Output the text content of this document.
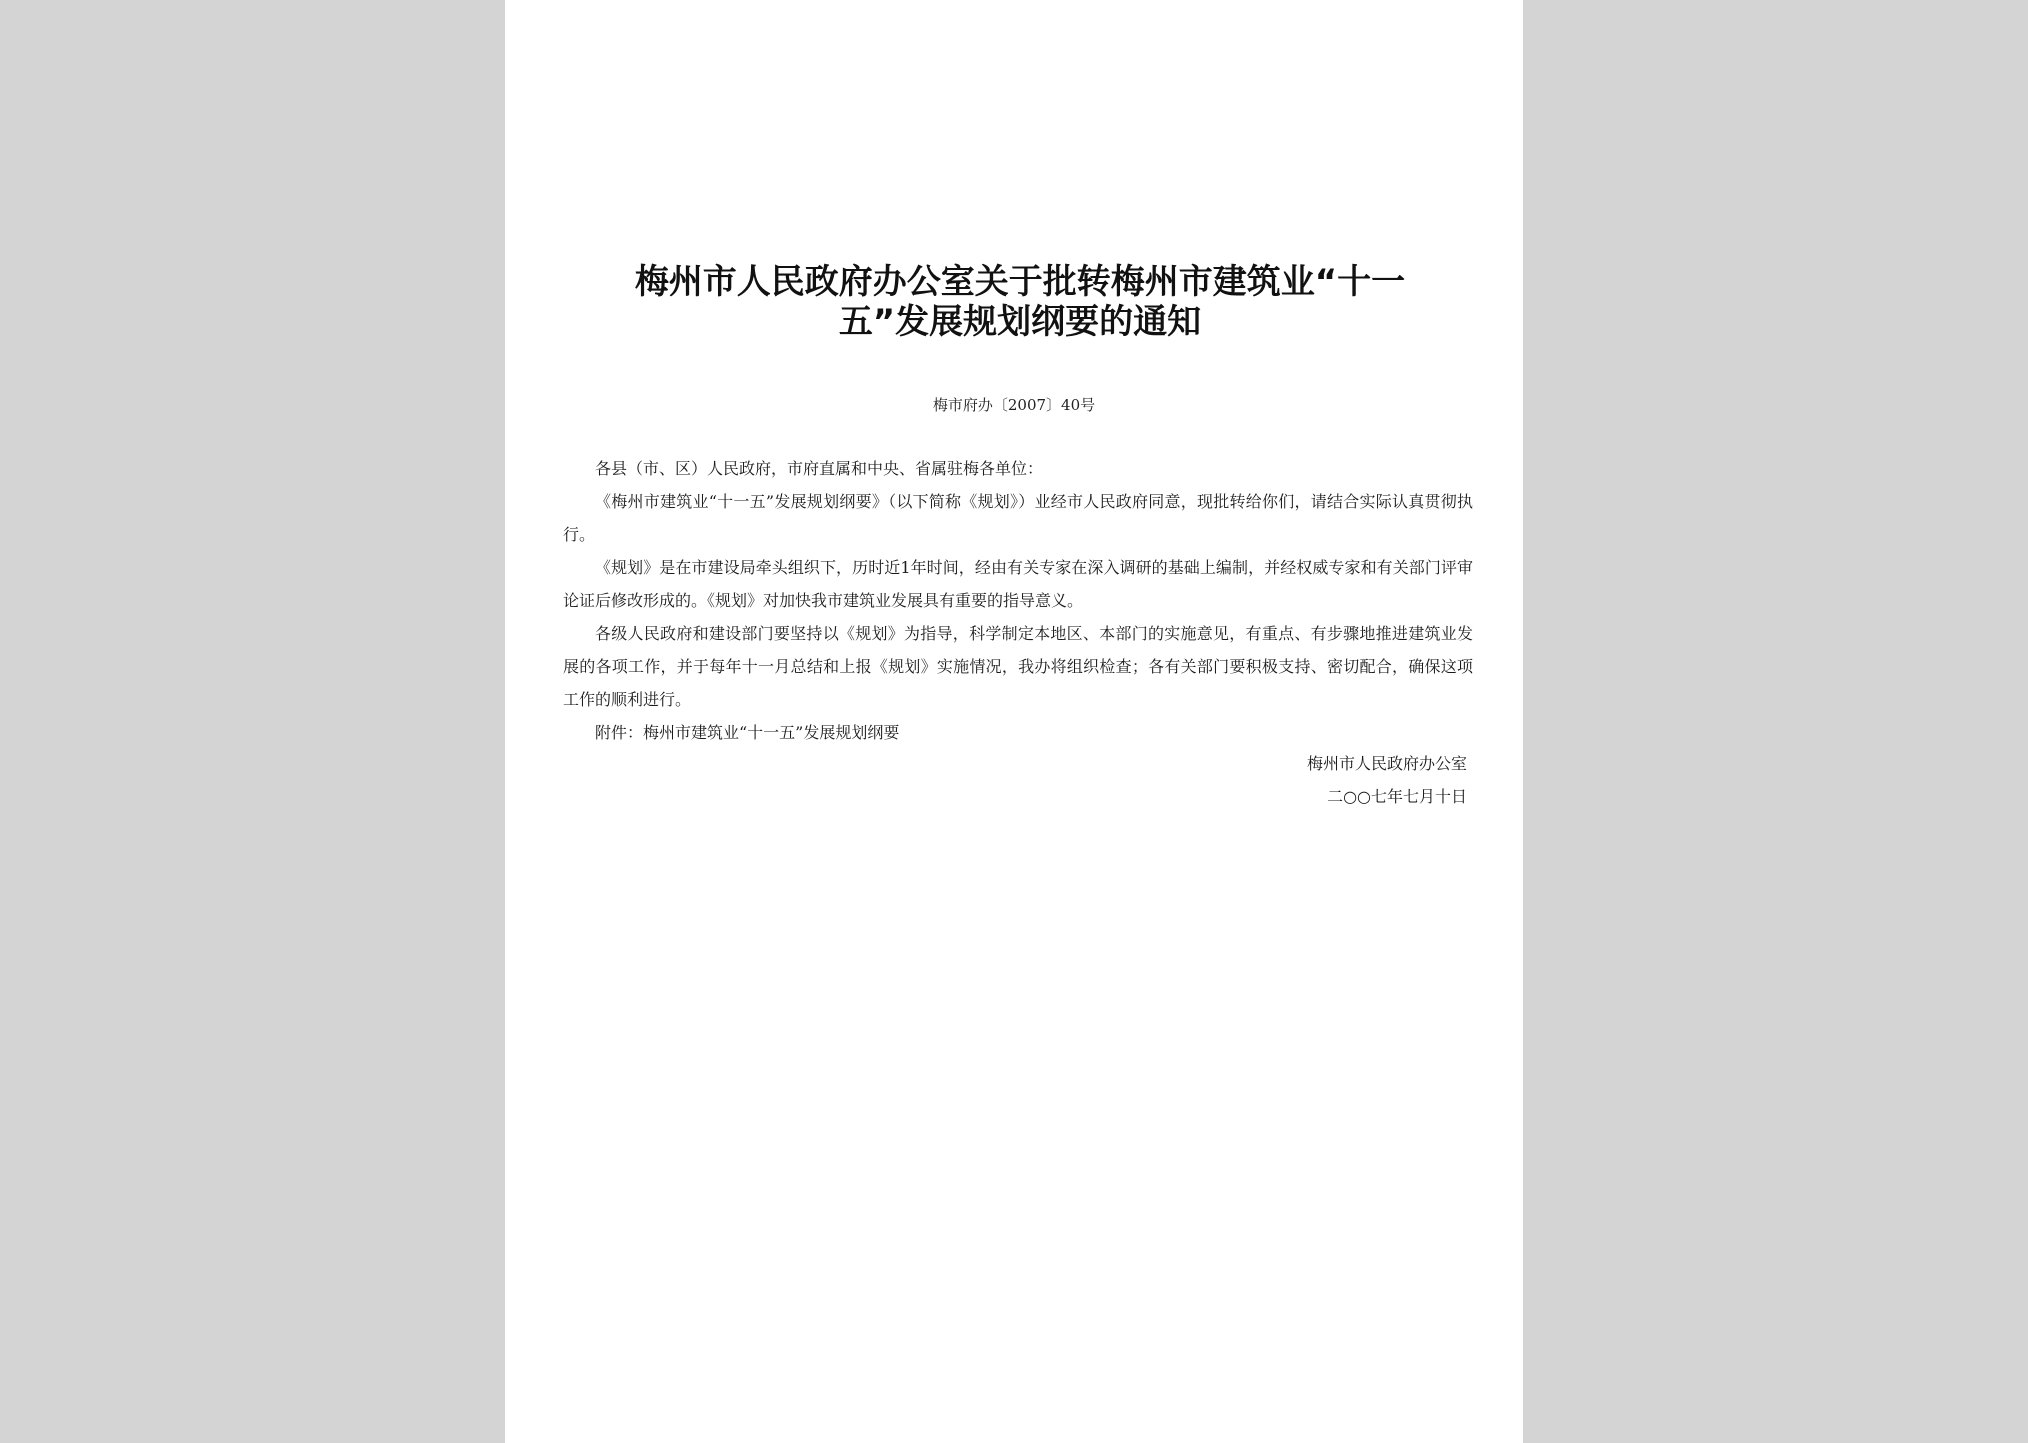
梅州市人民政府办公室关于批转梅州市建筑业“十一
五”发展规划纲要的通知
梅市府办〔2007〕40号

各县（市、区）人民政府，市府直属和中央、省属驻梅各单位：

《梅州市建筑业“十一五”发展规划纲要》（以下简称《规划》）业经市人民政府同意，现批转给你们，请结合实际认真贯彻执行。

《规划》是在市建设局牵头组织下，历时近1年时间，经由有关专家在深入调研的基础上编制，并经权威专家和有关部门评审论证后修改形成的。《规划》对加快我市建筑业发展具有重要的指导意义。

各级人民政府和建设部门要坚持以《规划》为指导，科学制定本地区、本部门的实施意见，有重点、有步骤地推进建筑业发展的各项工作，并于每年十一月总结和上报《规划》实施情况，我办将组织检查；各有关部门要积极支持、密切配合，确保这项工作的顺利进行。

附件：梅州市建筑业“十一五”发展规划纲要

梅州市人民政府办公室
二○○七年七月十日
